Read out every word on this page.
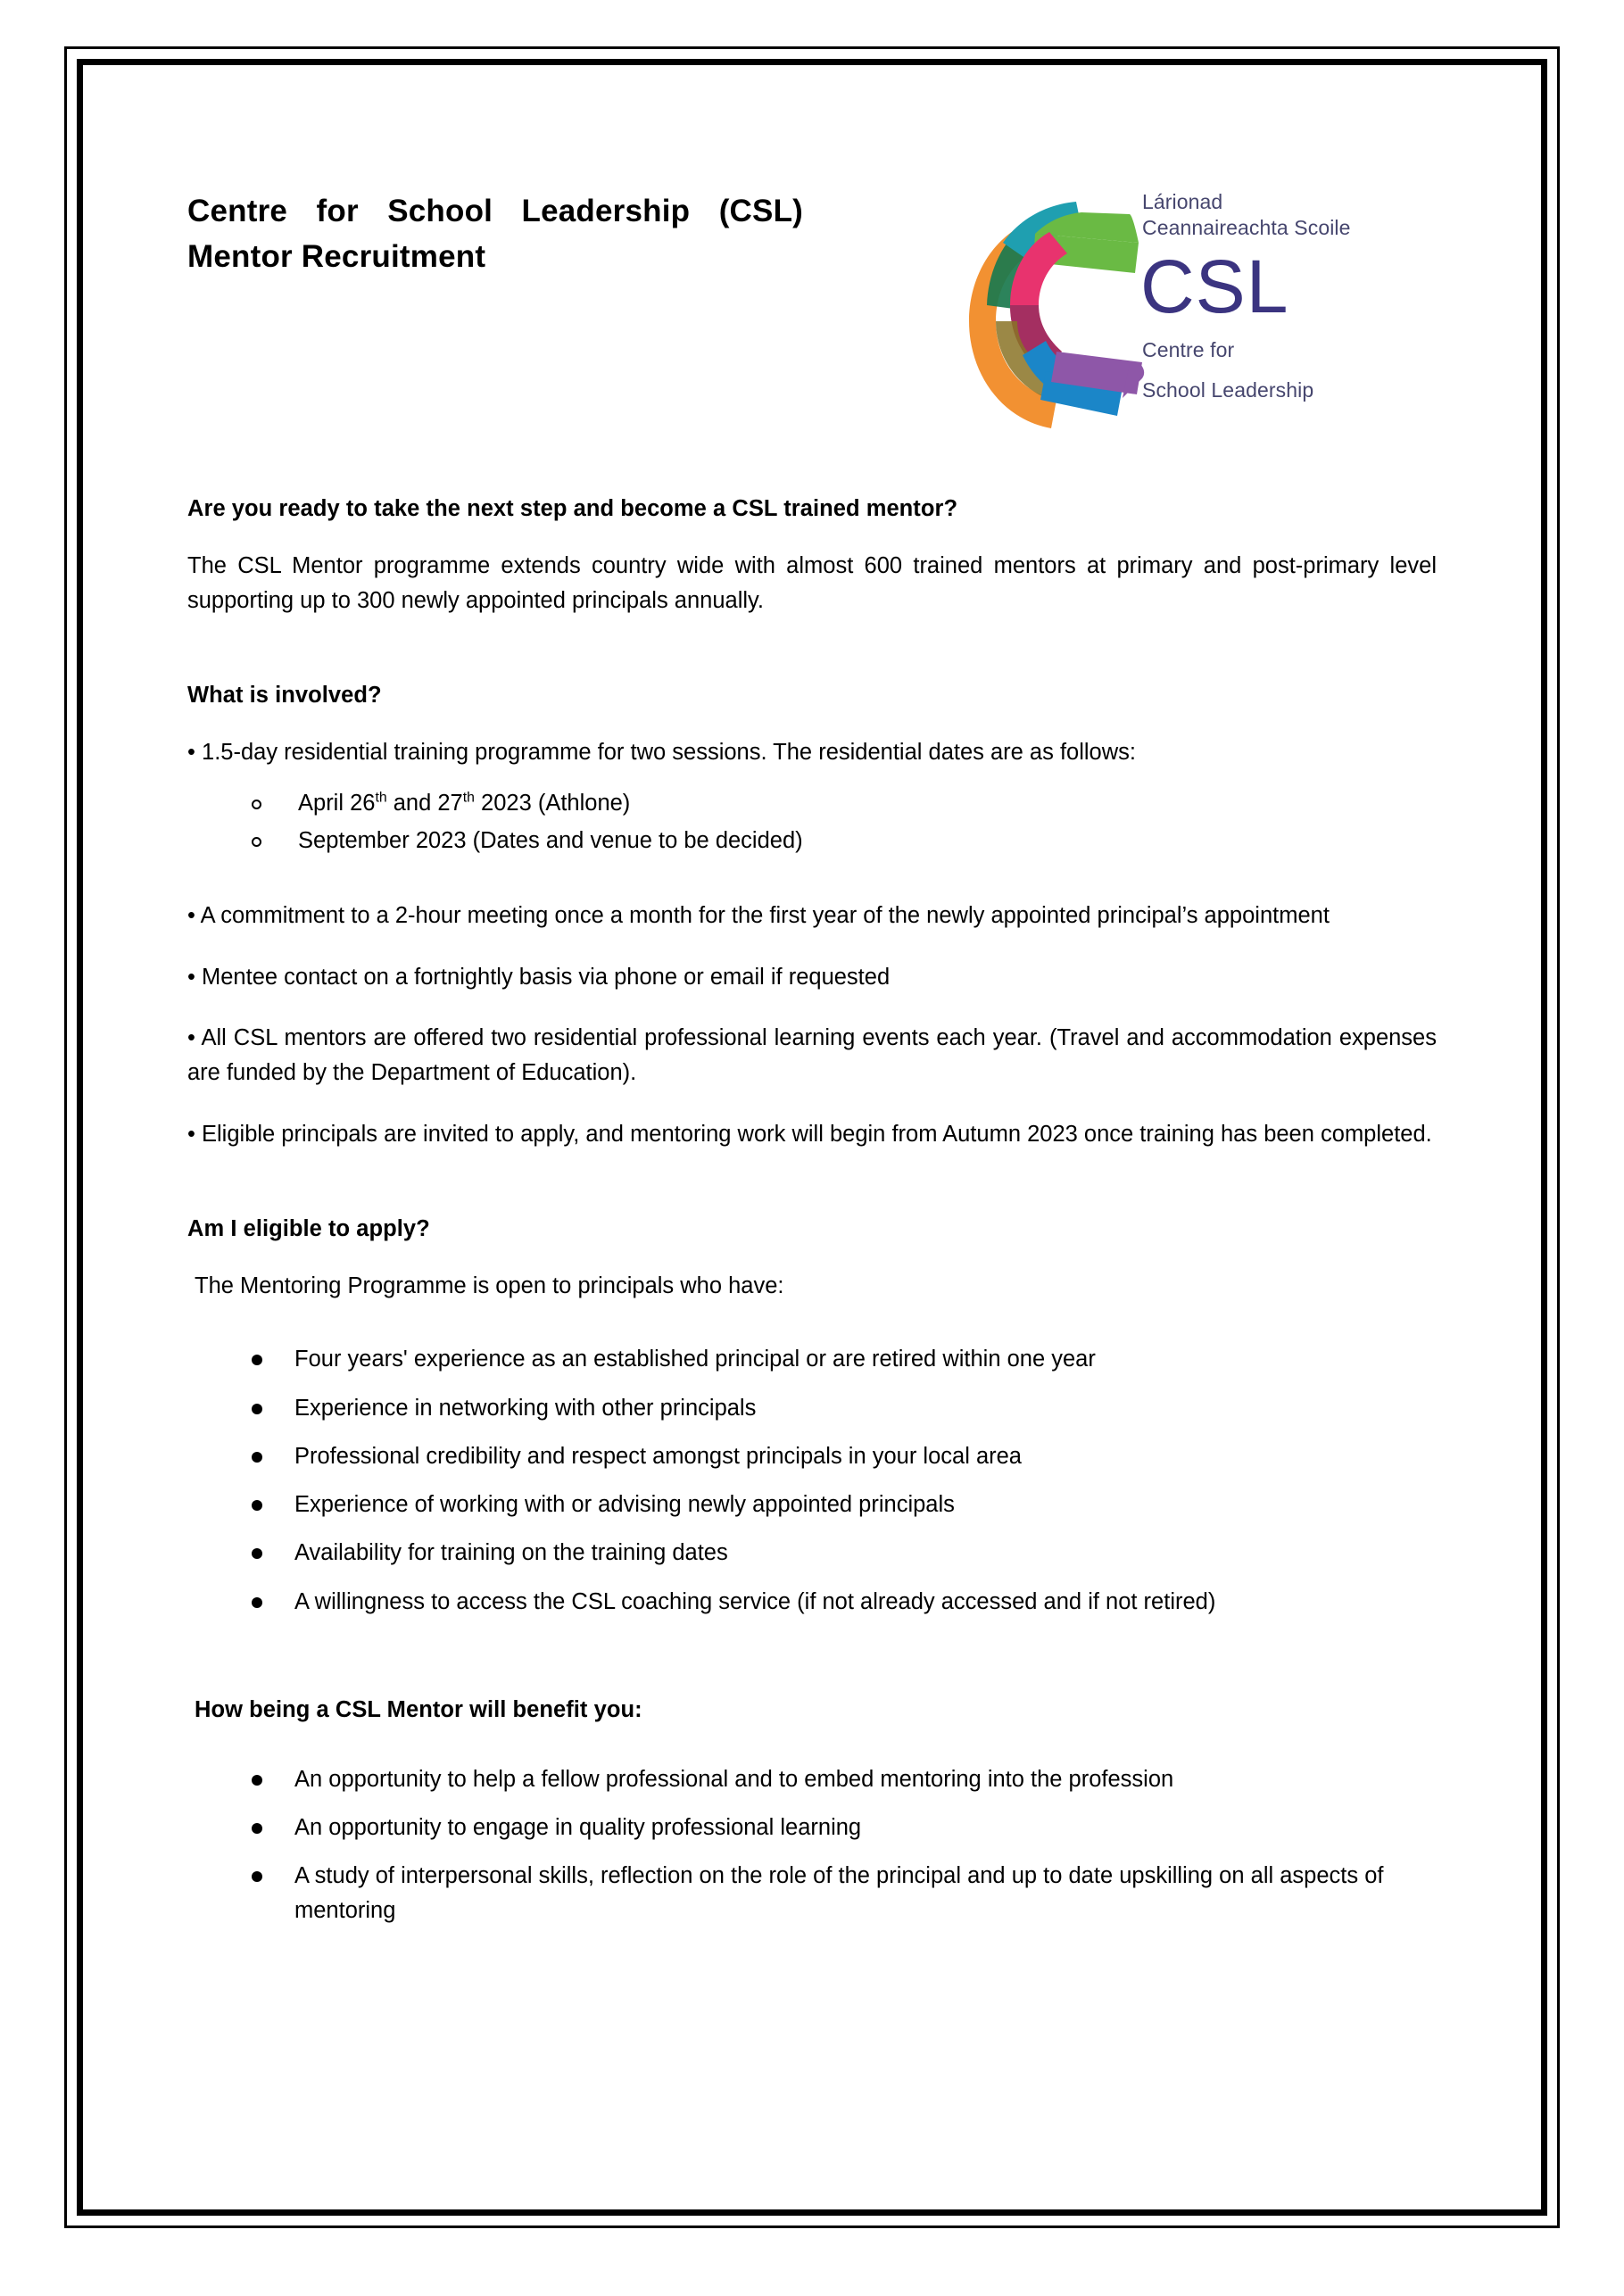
Centre for School Leadership (CSL)
Mentor Recruitment
Lárionad
Ceannaireachta Scoile
CSL
Centre for
School Leadership
Are you ready to take the next step and become a CSL trained mentor?

The CSL Mentor programme extends country wide with almost 600 trained mentors at primary and post-primary level supporting up to 300 newly appointed principals annually.

What is involved?

• 1.5-day residential training programme for two sessions. The residential dates are as follows:

April 26th and 27th 2023 (Athlone)
September 2023 (Dates and venue to be decided)

• A commitment to a 2-hour meeting once a month for the first year of the newly appointed principal’s appointment

• Mentee contact on a fortnightly basis via phone or email if requested

• All CSL mentors are offered two residential professional learning events each year. (Travel and accommodation expenses are funded by the Department of Education).

• Eligible principals are invited to apply, and mentoring work will begin from Autumn 2023 once training has been completed.

Am I eligible to apply?

The Mentoring Programme is open to principals who have:

Four years' experience as an established principal or are retired within one year
Experience in networking with other principals
Professional credibility and respect amongst principals in your local area
Experience of working with or advising newly appointed principals
Availability for training on the training dates
A willingness to access the CSL coaching service (if not already accessed and if not retired)
How being a CSL Mentor will benefit you:
An opportunity to help a fellow professional and to embed mentoring into the profession
An opportunity to engage in quality professional learning
A study of interpersonal skills, reflection on the role of the principal and up to date upskilling on all aspects of mentoring
